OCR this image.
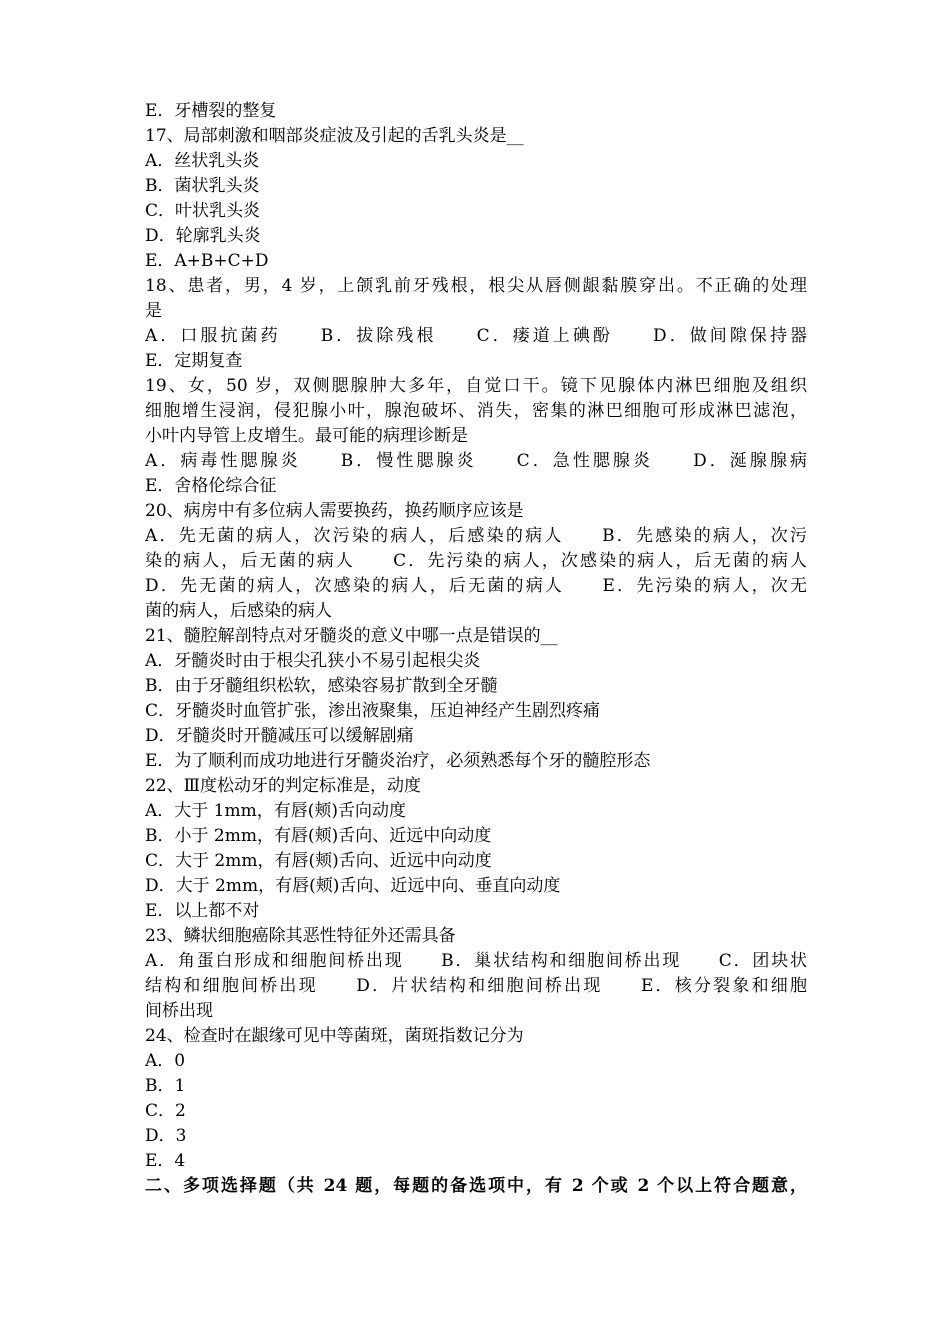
E．牙槽裂的整复
17、局部刺激和咽部炎症波及引起的舌乳头炎是__
A．丝状乳头炎
B．菌状乳头炎
C．叶状乳头炎
D．轮廓乳头炎
E．A+B+C+D
18、患者，男，4 岁，上颌乳前牙残根，根尖从唇侧龈黏膜穿出。不正确的处理
是
A．口服抗菌药　　B．拔除残根　　C．瘘道上碘酚　　D．做间隙保持器
E．定期复查
19、女，50 岁，双侧腮腺肿大多年，自觉口干。镜下见腺体内淋巴细胞及组织
细胞增生浸润，侵犯腺小叶，腺泡破坏、消失，密集的淋巴细胞可形成淋巴滤泡，
小叶内导管上皮增生。最可能的病理诊断是
A．病毒性腮腺炎　　B．慢性腮腺炎　　C．急性腮腺炎　　D．涎腺腺病
E．舍格伦综合征
20、病房中有多位病人需要换药，换药顺序应该是
A．先无菌的病人，次污染的病人，后感染的病人　　B．先感染的病人，次污
染的病人，后无菌的病人　　C．先污染的病人，次感染的病人，后无菌的病人
D．先无菌的病人，次感染的病人，后无菌的病人　　E．先污染的病人，次无
菌的病人，后感染的病人
21、髓腔解剖特点对牙髓炎的意义中哪一点是错误的__
A．牙髓炎时由于根尖孔狭小不易引起根尖炎
B．由于牙髓组织松软，感染容易扩散到全牙髓
C．牙髓炎时血管扩张，渗出液聚集，压迫神经产生剧烈疼痛
D．牙髓炎时开髓减压可以缓解剧痛
E．为了顺利而成功地进行牙髓炎治疗，必须熟悉每个牙的髓腔形态
22、Ⅲ度松动牙的判定标准是，动度
A．大于 1mm，有唇(颊)舌向动度
B．小于 2mm，有唇(颊)舌向、近远中向动度
C．大于 2mm，有唇(颊)舌向、近远中向动度
D．大于 2mm，有唇(颊)舌向、近远中向、垂直向动度
E．以上都不对
23、鳞状细胞癌除其恶性特征外还需具备
A．角蛋白形成和细胞间桥出现　　B．巢状结构和细胞间桥出现　　C．团块状
结构和细胞间桥出现　　D．片状结构和细胞间桥出现　　E．核分裂象和细胞
间桥出现
24、检查时在龈缘可见中等菌斑，菌斑指数记分为
A．0
B．1
C．2
D．3
E．4
二、多项选择题（共 24 题，每题的备选项中，有 2 个或 2 个以上符合题意，
